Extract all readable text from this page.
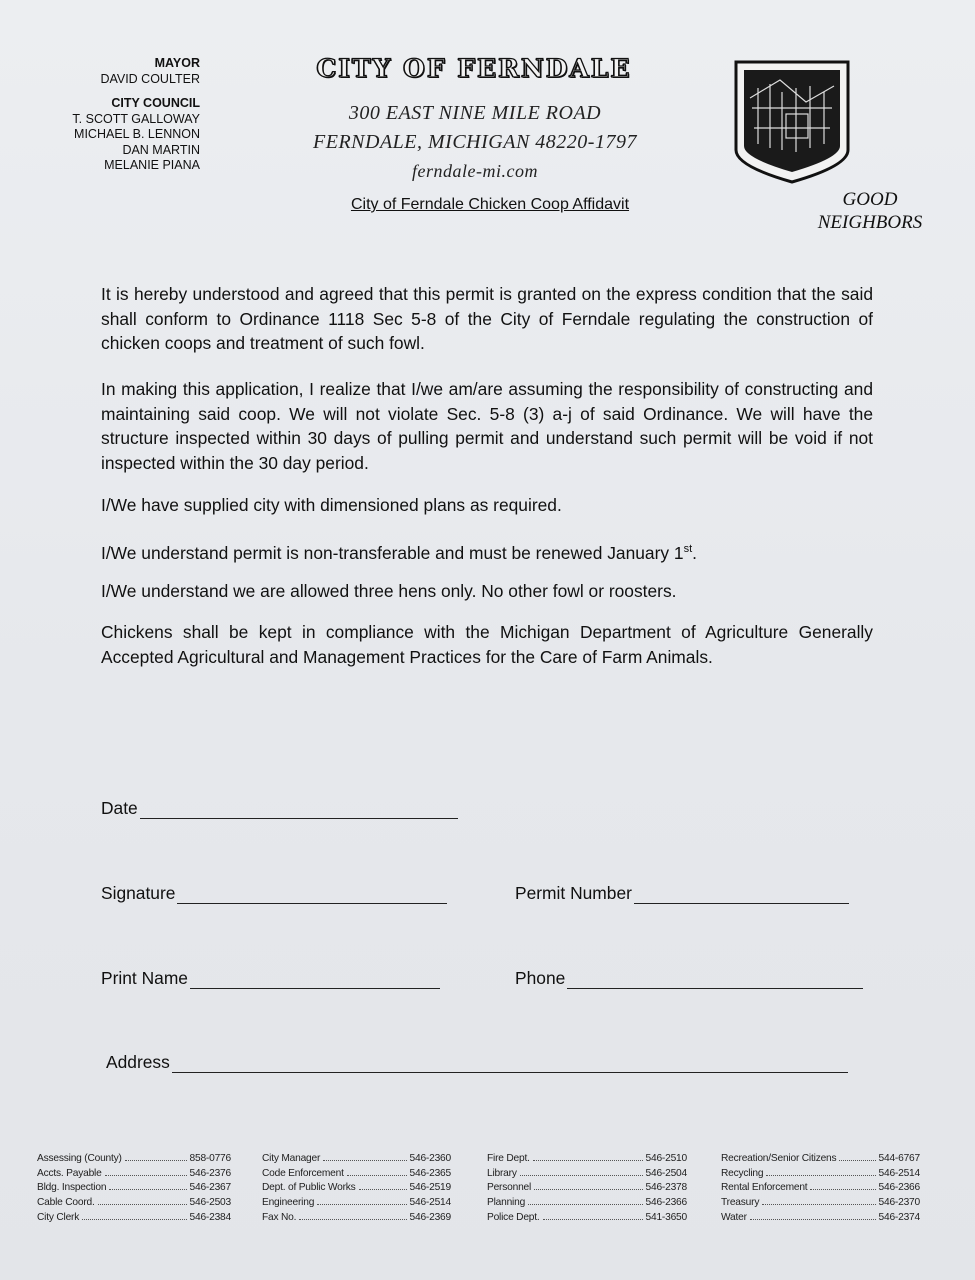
MAYOR
DAVID COULTER
CITY COUNCIL
T. SCOTT GALLOWAY
MICHAEL B. LENNON
DAN MARTIN
MELANIE PIANA
CITY OF FERNDALE
300 EAST NINE MILE ROAD
FERNDALE, MICHIGAN 48220-1797
ferndale-mi.com
City of Ferndale Chicken Coop Affidavit	GOOD
NEIGHBORS

It is hereby understood and agreed that this permit is granted on the express condition that the said shall conform to Ordinance 1118 Sec 5-8 of the City of Ferndale regulating the construction of chicken coops and treatment of such fowl.

In making this application, I realize that I/we am/are assuming the responsibility of constructing and maintaining said coop. We will not violate Sec. 5-8 (3) a-j of said Ordinance. We will have the structure inspected within 30 days of pulling permit and understand such permit will be void if not inspected within the 30 day period.

I/We have supplied city with dimensioned plans as required.

I/We understand permit is non-transferable and must be renewed January 1st.

I/We understand we are allowed three hens only. No other fowl or roosters.

Chickens shall be kept in compliance with the Michigan Department of Agriculture Generally Accepted Agricultural and Management Practices for the Care of Farm Animals.

Date
Signature	Permit Number
Print Name	Phone
Address
Assessing (County)	858-0776
Accts. Payable	546-2376
Bldg. Inspection	546-2367
Cable Coord.	546-2503
City Clerk	546-2384
City Manager	546-2360
Code Enforcement	546-2365
Dept. of Public Works	546-2519
Engineering	546-2514
Fax No.	546-2369
Fire Dept.	546-2510
Library	546-2504
Personnel	546-2378
Planning	546-2366
Police Dept.	541-3650
Recreation/Senior Citizens	544-6767
Recycling	546-2514
Rental Enforcement	546-2366
Treasury	546-2370
Water	546-2374
